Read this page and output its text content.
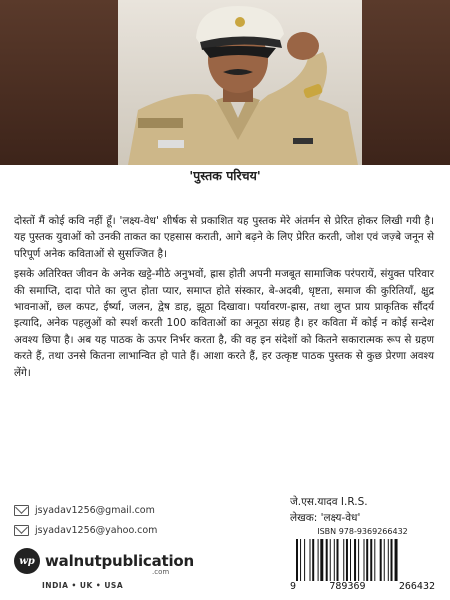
'पुस्तक परिचय'

दोस्तों मैं कोई कवि नहीं हूँ। 'लक्ष्य-वेध' शीर्षक से प्रकाशित यह पुस्तक मेरे अंतर्मन से प्रेरित होकर लिखी गयी है। यह पुस्तक युवाओं को उनकी ताकत का एहसास कराती, आगे बढ़ने के लिए प्रेरित करती, जोश एवं जज़्बे जनून से परिपूर्ण अनेक कविताओं से सुसज्जित है।

इसके अतिरिक्त जीवन के अनेक खट्टे-मीठे अनुभवों, ह्रास होती अपनी मजबूत सामाजिक परंपरायें, संयुक्त परिवार की समाप्ति, दादा पोते का लुप्त होता प्यार, समाप्त होते संस्कार, बे-अदबी, धृष्टता, समाज की कुरितियाँ, क्षुद्र भावनाओं, छल कपट, ईर्ष्या, जलन, द्वेष डाह, झूठा दिखावा। पर्यावरण-ह्रास, तथा लुप्त प्राय प्राकृतिक सौंदर्य इत्यादि, अनेक पहलुओं को स्पर्श करती 100 कविताओं का अनूठा संग्रह है। हर कविता में कोई न कोई सन्देश अवश्य छिपा है। अब यह पाठक के ऊपर निर्भर करता है, की वह इन संदेशों को कितने सकारात्मक रूप से ग्रहण करते हैं, तथा उनसे कितना लाभान्वित हो पाते हैं। आशा करते हैं, हर उत्कृष्ट पाठक पुस्तक से कुछ प्रेरणा अवश्य लेंगे।

jsyadav1256@gmail.com
jsyadav1256@yahoo.com
जे.एस.यादव I.R.S.
लेखक: 'लक्ष्य-वेध'
wp walnutpublication
.com
INDIA • UK • USA
ISBN 978-9369266432
9	789369	266432
